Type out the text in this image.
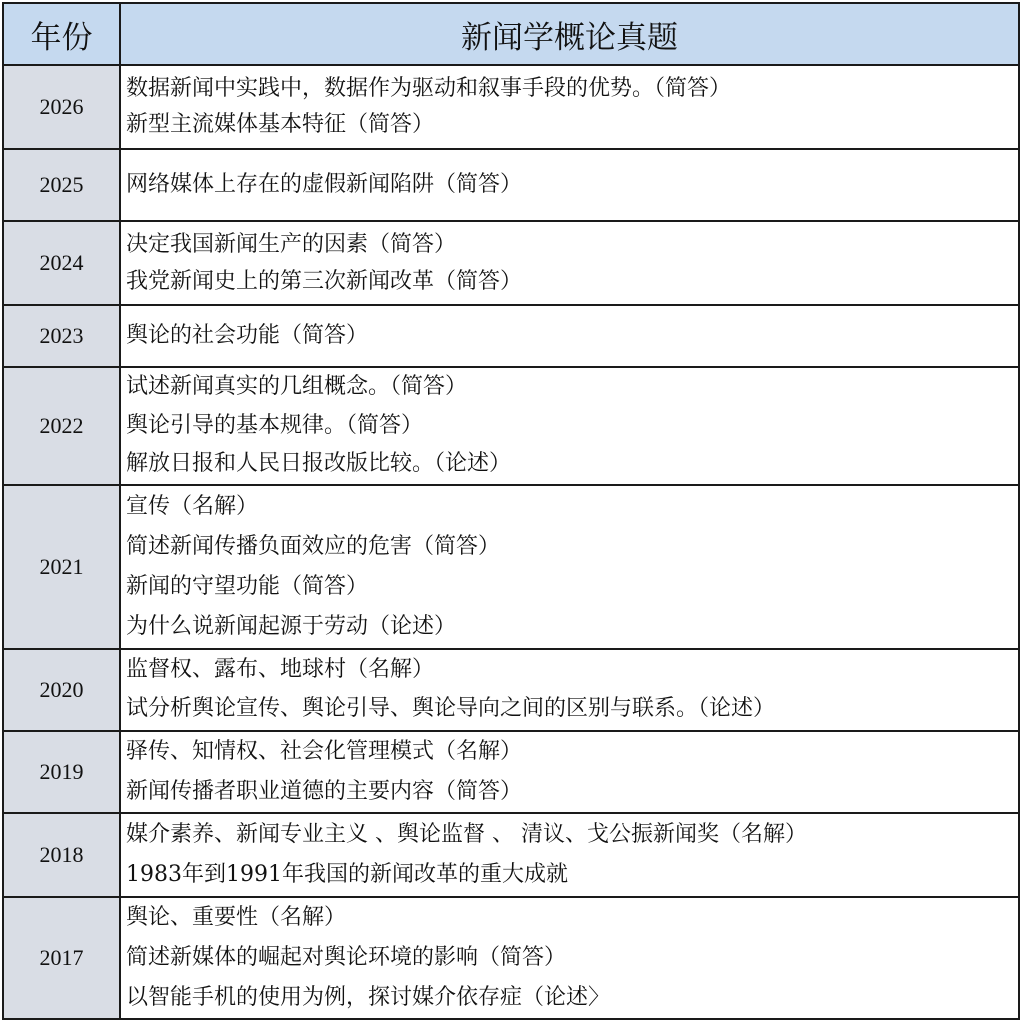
年份	新闻学概论真题
2026	数据新闻中实践中，数据作为驱动和叙事手段的优势。（简答）
新型主流媒体基本特征（简答）

2025	网络媒体上存在的虚假新闻陷阱（简答）

2024	决定我国新闻生产的因素（简答）
我党新闻史上的第三次新闻改革（简答）

2023	舆论的社会功能（简答）

2022	试述新闻真实的几组概念。（简答）
舆论引导的基本规律。（简答）
解放日报和人民日报改版比较。（论述）

2021	宣传（名解）
简述新闻传播负面效应的危害（简答）
新闻的守望功能（简答）
为什么说新闻起源于劳动（论述）

2020	监督权、露布、地球村（名解）
试分析舆论宣传、舆论引导、舆论导向之间的区别与联系。（论述）

2019	驿传、知情权、社会化管理模式（名解）
新闻传播者职业道德的主要内容（简答）

2018	媒介素养、新闻专业主义 、舆论监督 、 清议、戈公振新闻奖（名解）
1983年到1991年我国的新闻改革的重大成就

2017	舆论、重要性（名解）
简述新媒体的崛起对舆论环境的影响（简答）
以智能手机的使用为例，探讨媒介依存症（论述〉
